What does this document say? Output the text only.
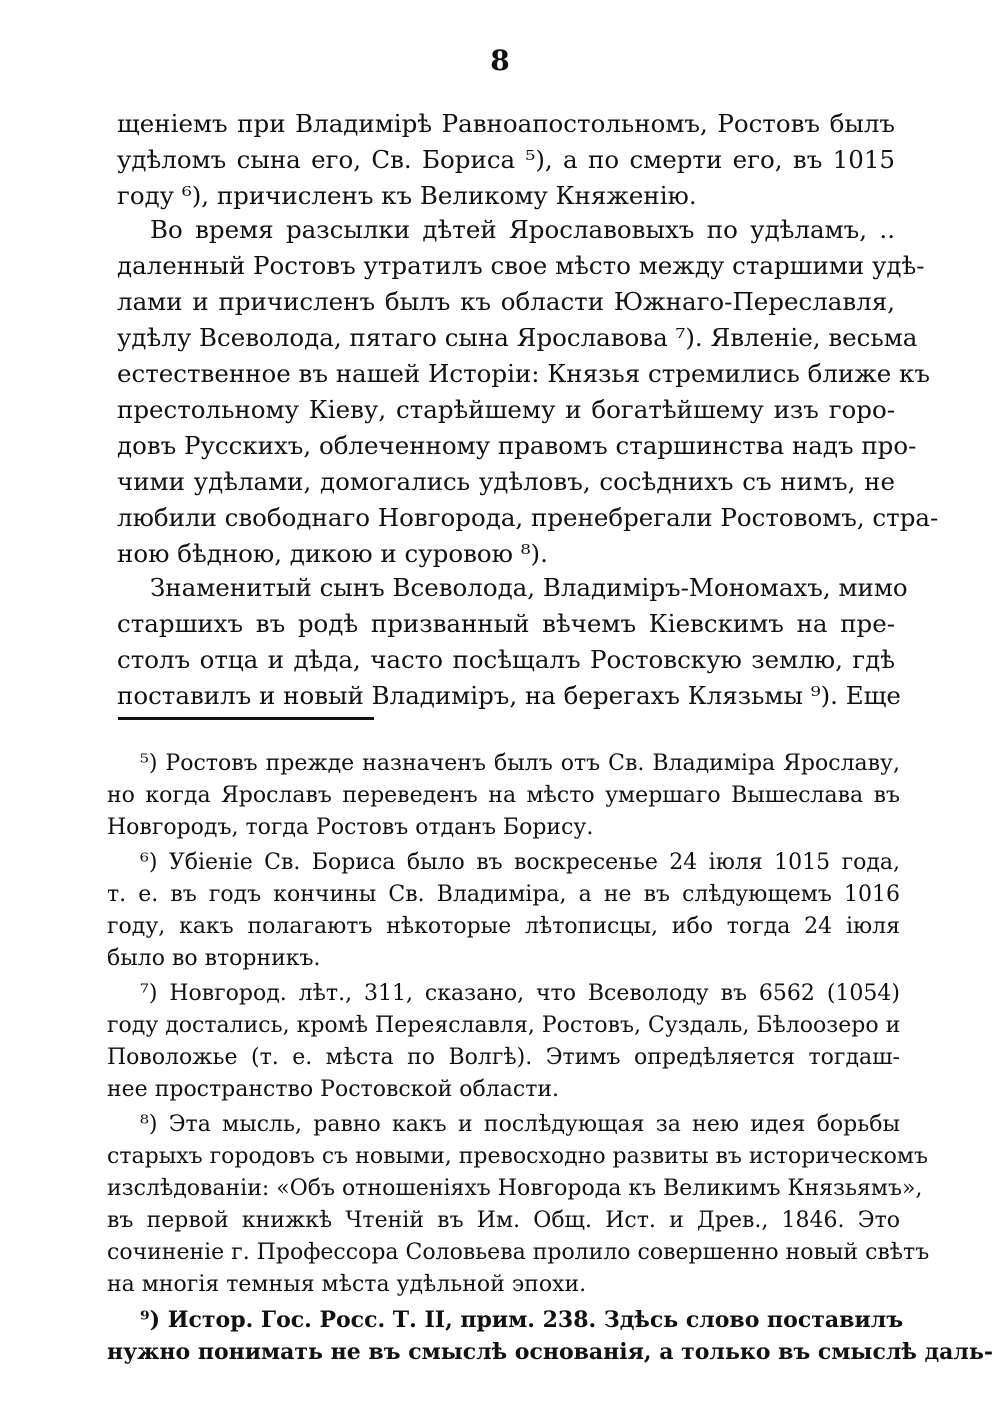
8
щенiемъ при Владимiрѣ Равноапостольномъ, Ростовъ былъ
удѣломъ сына его, Св. Бориса ⁵), а по смерти его, въ 1015
году ⁶), причисленъ къ Великому Княженiю.
Во время разсылки дѣтей Ярославовыхъ по удѣламъ, ..
даленный Ростовъ утратилъ свое мѣсто между старшими удѣ-
лами и причисленъ былъ къ области Южнаго-Переславля,
удѣлу Всеволода, пятаго сына Ярославова ⁷). Явленiе, весьма
естественное въ нашей Исторiи: Князья стремились ближе къ
престольному Кiеву, старѣйшему и богатѣйшему изъ горо-
довъ Русскихъ, облеченному правомъ старшинства надъ про-
чими удѣлами, домогались удѣловъ, сосѣднихъ съ нимъ, не
любили свободнаго Новгорода, пренебрегали Ростовомъ, стра-
ною бѣдною, дикою и суровою ⁸).
Знаменитый сынъ Всеволода, Владимiръ-Мономахъ, мимо
старшихъ въ родѣ призванный вѣчемъ Кiевскимъ на пре-
столъ отца и дѣда, часто посѣщалъ Ростовскую землю, гдѣ
поставилъ и новый Владимiръ, на берегахъ Клязьмы ⁹). Еще
⁵) Ростовъ прежде назначенъ былъ отъ Св. Владимiра Ярославу,
но когда Ярославъ переведенъ на мѣсто умершаго Вышеслава въ
Новгородъ, тогда Ростовъ отданъ Борису.
⁶) Убiенiе Св. Бориса было въ воскресенье 24 iюля 1015 года,
т. е. въ годъ кончины Св. Владимiра, а не въ слѣдующемъ 1016
году, какъ полагаютъ нѣкоторые лѣтописцы, ибо тогда 24 iюля
было во вторникъ.
⁷) Новгород. лѣт., 311, сказано, что Всеволоду въ 6562 (1054)
году достались, кромѣ Переяславля, Ростовъ, Суздаль, Бѣлоозеро и
Поволожье (т. е. мѣста по Волгѣ). Этимъ опредѣляется тогдаш-
нее пространство Ростовской области.
⁸) Эта мысль, равно какъ и послѣдующая за нею идея борьбы
старыхъ городовъ съ новыми, превосходно развиты въ историческомъ
изслѣдованiи: «Объ отношенiяхъ Новгорода къ Великимъ Князьямъ»,
въ первой книжкѣ Чтенiй въ Им. Общ. Ист. и Древ., 1846. Это
сочиненiе г. Профессора Соловьева пролило совершенно новый свѣтъ
на многiя темныя мѣста удѣльной эпохи.
⁹) Истор. Гос. Росс. Т. II, прим. 238. Здѣсь слово поставилъ
нужно понимать не въ смыслѣ основанiя, а только въ смыслѣ даль-
